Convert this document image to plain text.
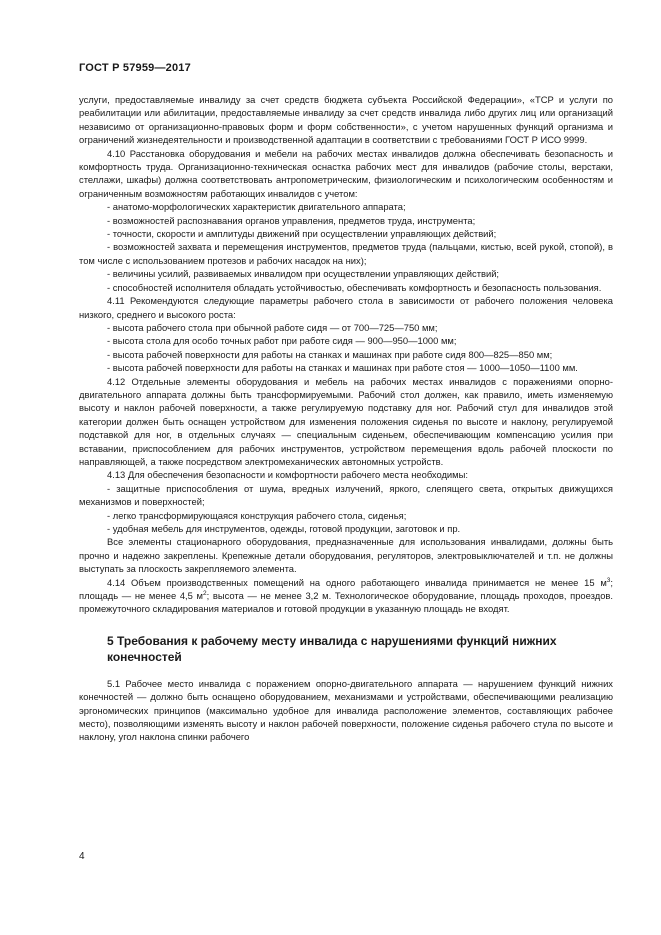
ГОСТ Р 57959—2017

услуги, предоставляемые инвалиду за счет средств бюджета субъекта Российской Федерации», «TCP и услуги по реабилитации или абилитации, предоставляемые инвалиду за счет средств инвалида либо других лиц или организаций независимо от организационно-правовых форм и форм собственности», с учетом нарушенных функций организма и ограничений жизнедеятельности и производственной адаптации в соответствии с требованиями ГОСТ Р ИСО 9999.

4.10 Расстановка оборудования и мебели на рабочих местах инвалидов должна обеспечивать безопасность и комфортность труда. Организационно-техническая оснастка рабочих мест для инвалидов (рабочие столы, верстаки, стеллажи, шкафы) должна соответствовать антропометрическим, физиологическим и психологическим особенностям и ограниченным возможностям работающих инвалидов с учетом:

- анатомо-морфологических характеристик двигательного аппарата;

- возможностей распознавания органов управления, предметов труда, инструмента;

- точности, скорости и амплитуды движений при осуществлении управляющих действий;

- возможностей захвата и перемещения инструментов, предметов труда (пальцами, кистью, всей рукой, стопой), в том числе с использованием протезов и рабочих насадок на них);

- величины усилий, развиваемых инвалидом при осуществлении управляющих действий;

- способностей исполнителя обладать устойчивостью, обеспечивать комфортность и безопасность пользования.

4.11 Рекомендуются следующие параметры рабочего стола в зависимости от рабочего положения человека низкого, среднего и высокого роста:

- высота рабочего стола при обычной работе сидя — от 700—725—750 мм;

- высота стола для особо точных работ при работе сидя — 900—950—1000 мм;

- высота рабочей поверхности для работы на станках и машинах при работе сидя 800—825—850 мм;

- высота рабочей поверхности для работы на станках и машинах при работе стоя — 1000—1050—1100 мм.

4.12 Отдельные элементы оборудования и мебель на рабочих местах инвалидов с поражениями опорно-двигательного аппарата должны быть трансформируемыми. Рабочий стол должен, как правило, иметь изменяемую высоту и наклон рабочей поверхности, а также регулируемую подставку для ног. Рабочий стул для инвалидов этой категории должен быть оснащен устройством для изменения положения сиденья по высоте и наклону, регулируемой подставкой для ног, в отдельных случаях — специальным сиденьем, обеспечивающим компенсацию усилия при вставании, приспособлением для рабочих инструментов, устройством перемещения вдоль рабочей плоскости по направляющей, а также посредством электромеханических автономных устройств.

4.13 Для обеспечения безопасности и комфортности рабочего места необходимы:

- защитные приспособления от шума, вредных излучений, яркого, слепящего света, открытых движущихся механизмов и поверхностей;

- легко трансформирующаяся конструкция рабочего стола, сиденья;

- удобная мебель для инструментов, одежды, готовой продукции, заготовок и пр.

Все элементы стационарного оборудования, предназначенные для использования инвалидами, должны быть прочно и надежно закреплены. Крепежные детали оборудования, регуляторов, электровыключателей и т.п. не должны выступать за плоскость закрепляемого элемента.

4.14 Объем производственных помещений на одного работающего инвалида принимается не менее 15 $м^3$; площадь — не менее 4,5 $м^2$; высота — не менее 3,2 м. Технологическое оборудование, площадь проходов, проездов. промежуточного складирования материалов и готовой продукции в указанную площадь не входят.

5 Требования к рабочему месту инвалида с нарушениями функций нижних конечностей

5.1 Рабочее место инвалида с поражением опорно-двигательного аппарата — нарушением функций нижних конечностей — должно быть оснащено оборудованием, механизмами и устройствами, обеспечивающими реализацию эргономических принципов (максимально удобное для инвалида расположение элементов, составляющих рабочее место), позволяющими изменять высоту и наклон рабочей поверхности, положение сиденья рабочего стула по высоте и наклону, угол наклона спинки рабочего

4
